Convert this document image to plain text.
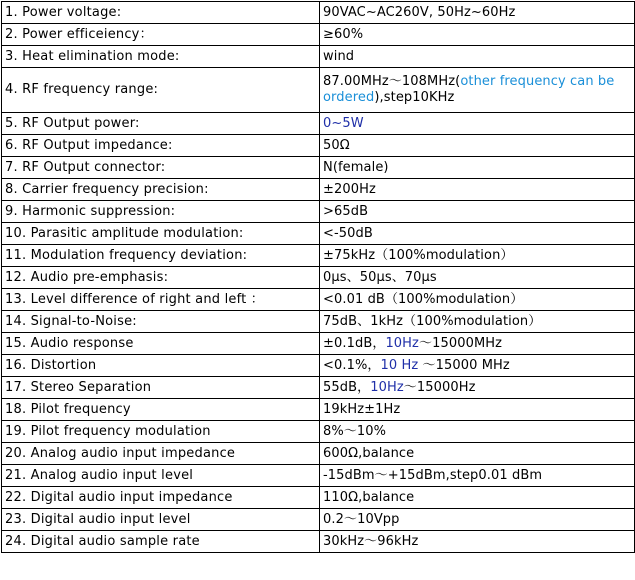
1. Power voltage:	90VAC~AC260V, 50Hz~60Hz
2. Power efficeiency：	≥60%
3. Heat elimination mode:	wind
4. RF frequency range:	87.00MHz～108MHz(other frequency can be ordered),step10KHz
5. RF Output power:	0~5W
6. RF Output impedance:	50Ω
7. RF Output connector:	N(female)
8. Carrier frequency precision:	±200Hz
9. Harmonic suppression:	>65dB
10. Parasitic amplitude modulation:	<-50dB
11. Modulation frequency deviation:	±75kHz（100%modulation）
12. Audio pre-emphasis:	0μs、50μs、70μs
13. Level difference of right and left ：	<0.01 dB（100%modulation）
14. Signal-to-Noise:	75dB、1kHz（100%modulation）
15. Audio response	±0.1dB，10Hz～15000MHz
16. Distortion	<0.1%，10 Hz ～15000 MHz
17. Stereo Separation	55dB，10Hz～15000Hz
18. Pilot frequency	19kHz±1Hz
19. Pilot frequency modulation	8%～10%
20. Analog audio input impedance	600Ω,balance
21. Analog audio input level	-15dBm～+15dBm,step0.01 dBm
22. Digital audio input impedance	110Ω,balance
23. Digital audio input level	0.2～10Vpp
24. Digital audio sample rate	30kHz～96kHz
